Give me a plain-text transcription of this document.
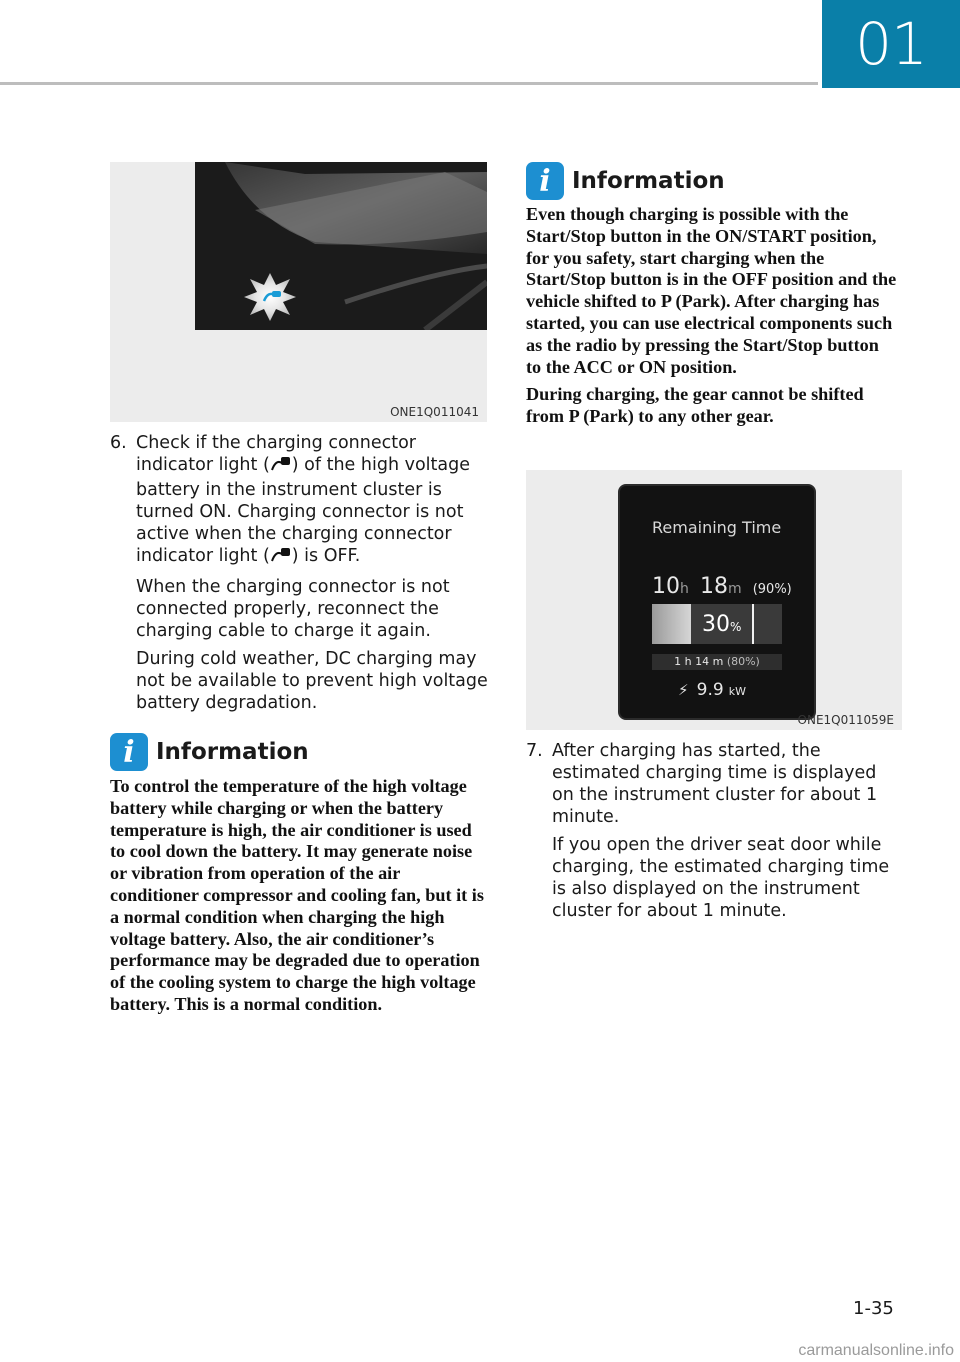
01
ONE1Q011041
6. Check if the charging connector indicator light ( ) of the high voltage battery in the instrument cluster is turned ON. Charging connector is not active when the charging connector indicator light ( ) is OFF.

When the charging connector is not connected properly, reconnect the charging cable to charge it again.

During cold weather, DC charging may not be available to prevent high voltage battery degradation.

i Information

To control the temperature of the high voltage battery while charging or when the battery temperature is high, the air conditioner is used to cool down the battery. It may generate noise or vibration from operation of the air conditioner compressor and cooling fan, but it is a normal condition when charging the high voltage battery. Also, the air conditioner’s performance may be degraded due to operation of the cooling system to charge the high voltage battery. This is a normal condition.

i Information

Even though charging is possible with the Start/Stop button in the ON/START position, for you safety, start charging when the Start/Stop button is in the OFF position and the vehicle shifted to P (Park). After charging has started, you can use electrical components such as the radio by pressing the Start/Stop button to the ACC or ON position.

During charging, the gear cannot be shifted from P (Park) to any other gear.

Remaining Time
10h 18m (90%)
30%
1 h 14 m (80%)
⚡︎ 9.9 kW
ONE1Q011059E
7. After charging has started, the estimated charging time is displayed on the instrument cluster for about 1 minute.

If you open the driver seat door while charging, the estimated charging time is also displayed on the instrument cluster for about 1 minute.

1-35
carmanualsonline.info
